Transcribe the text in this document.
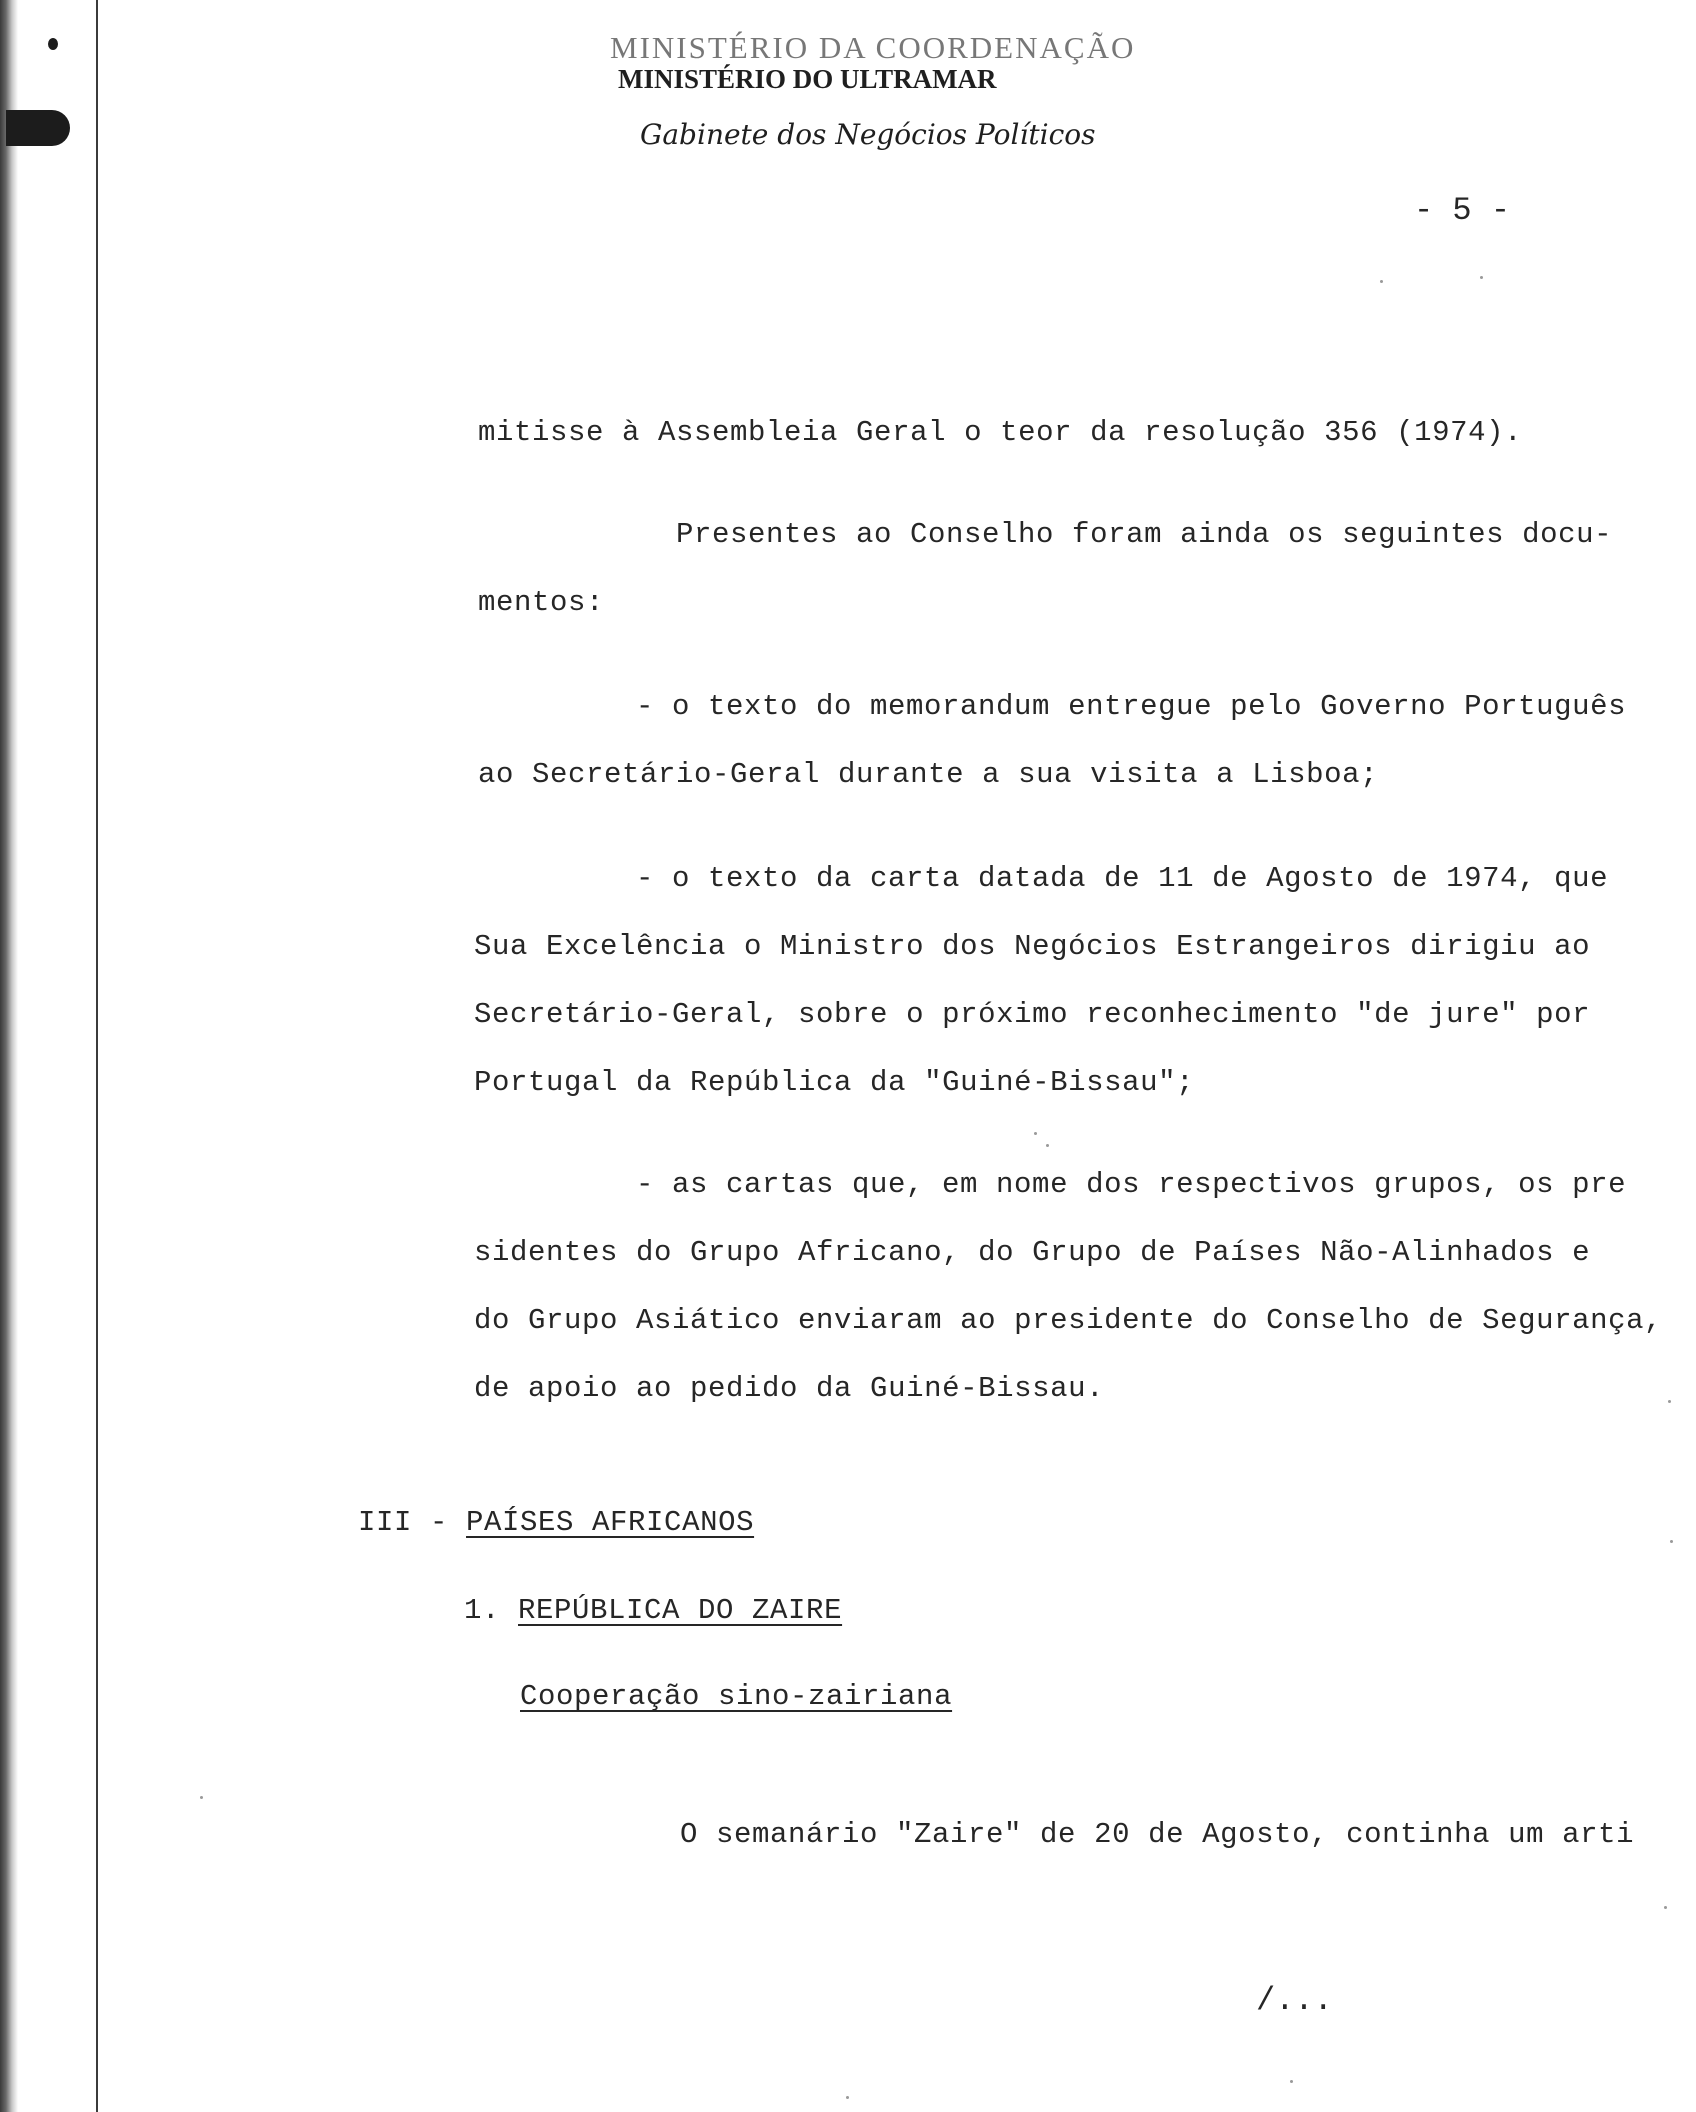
MINISTÉRIO DA COORDENAÇÃO
MINISTÉRIO DO ULTRAMAR
Gabinete dos Negócios Políticos
- 5 -
mitisse à Assembleia Geral o teor da resolução 356 (1974).
Presentes ao Conselho foram ainda os seguintes docu-
mentos:
- o texto do memorandum entregue pelo Governo Português
ao Secretário-Geral durante a sua visita a Lisboa;
- o texto da carta datada de 11 de Agosto de 1974, que
Sua Excelência o Ministro dos Negócios Estrangeiros dirigiu ao
Secretário-Geral, sobre o próximo reconhecimento "de jure" por
Portugal da República da "Guiné-Bissau";
- as cartas que, em nome dos respectivos grupos, os pre
sidentes do Grupo Africano, do Grupo de Países Não-Alinhados e
do Grupo Asiático enviaram ao presidente do Conselho de Segurança,
de apoio ao pedido da Guiné-Bissau.
III - PAÍSES AFRICANOS
1. REPÚBLICA DO ZAIRE
Cooperação sino-zairiana
O semanário "Zaire" de 20 de Agosto, continha um arti
/...
